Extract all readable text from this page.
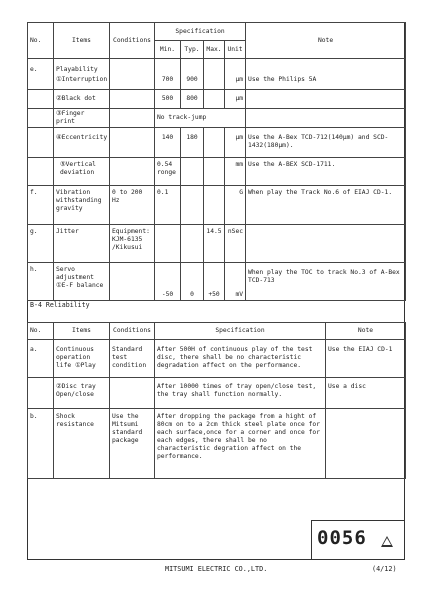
No.	Items	Conditions	Specification				Note
			Min.	Typ.	Max.	Unit	
e.	Playability						
	①Interruption		700	900		μm	Use the Philips 5A
	②Black dot		500	800		μm	
	③Finger print		No track-jump				
	④Eccentricity		140	180		μm	Use the A-Bex TCD-712(140μm) and SCD-1432(180μm).
	⑤Vertical deviation		0.54 ronge			mm	Use the A-BEX SCD-1711.
f.	Vibration withstanding gravity	0 to 200 Hz	0.1			G	When play the Track No.6 of EIAJ CD-1.
g.	Jitter	Equipment: KJM-6135 /Kikusui			14.5	nSec	
h.	Servo adjustment ①E-F balance		-50	0	+50	mV	When play the TOC to track No.3 of A-Bex TCD-713
B-4 Reliability
No.	Items	Conditions	Specification	Note
a.	Continuous operation life ①Play	Standard test condition	After 500H of continuous play of the test disc, there shall be no characteristic degradation affect on the performance.	Use the EIAJ CD-1
	②Disc tray Open/close		After 10000 times of tray open/close test, the tray shall function normally.	Use a disc
b.	Shock resistance	Use the Mitsumi standard package	After dropping the package from a hight of 80cm on to a 2cm thick steel plate once for each surface,once for a corner and once for each edges, there shall be no characteristic degration affect on the performance.	
0056
MITSUMI ELECTRIC CO.,LTD.	(4/12)
